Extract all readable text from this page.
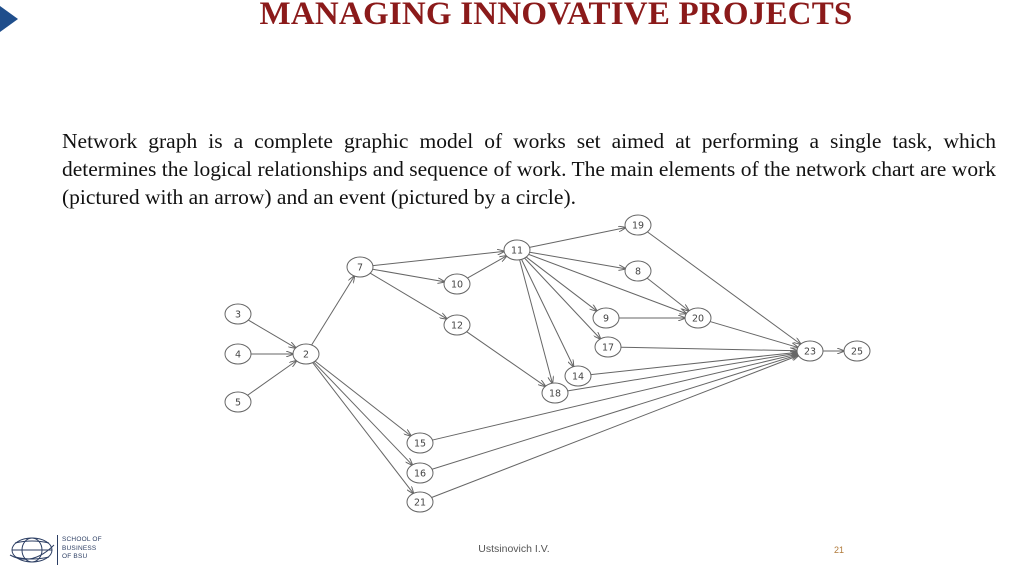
MANAGING INNOVATIVE PROJECTS
Network graph is a complete graphic model of works set aimed at performing a single task, which determines the logical relationships and sequence of work. The main elements of the network chart are work (pictured with an arrow) and an event (pictured by a circle).
2
3
4
5
7	8
9
10
11
12
14
15
16
17
18
19
20
21
23	25
Ustsinovich I.V.	21
SCHOOL OF
BUSINESS
OF BSU
